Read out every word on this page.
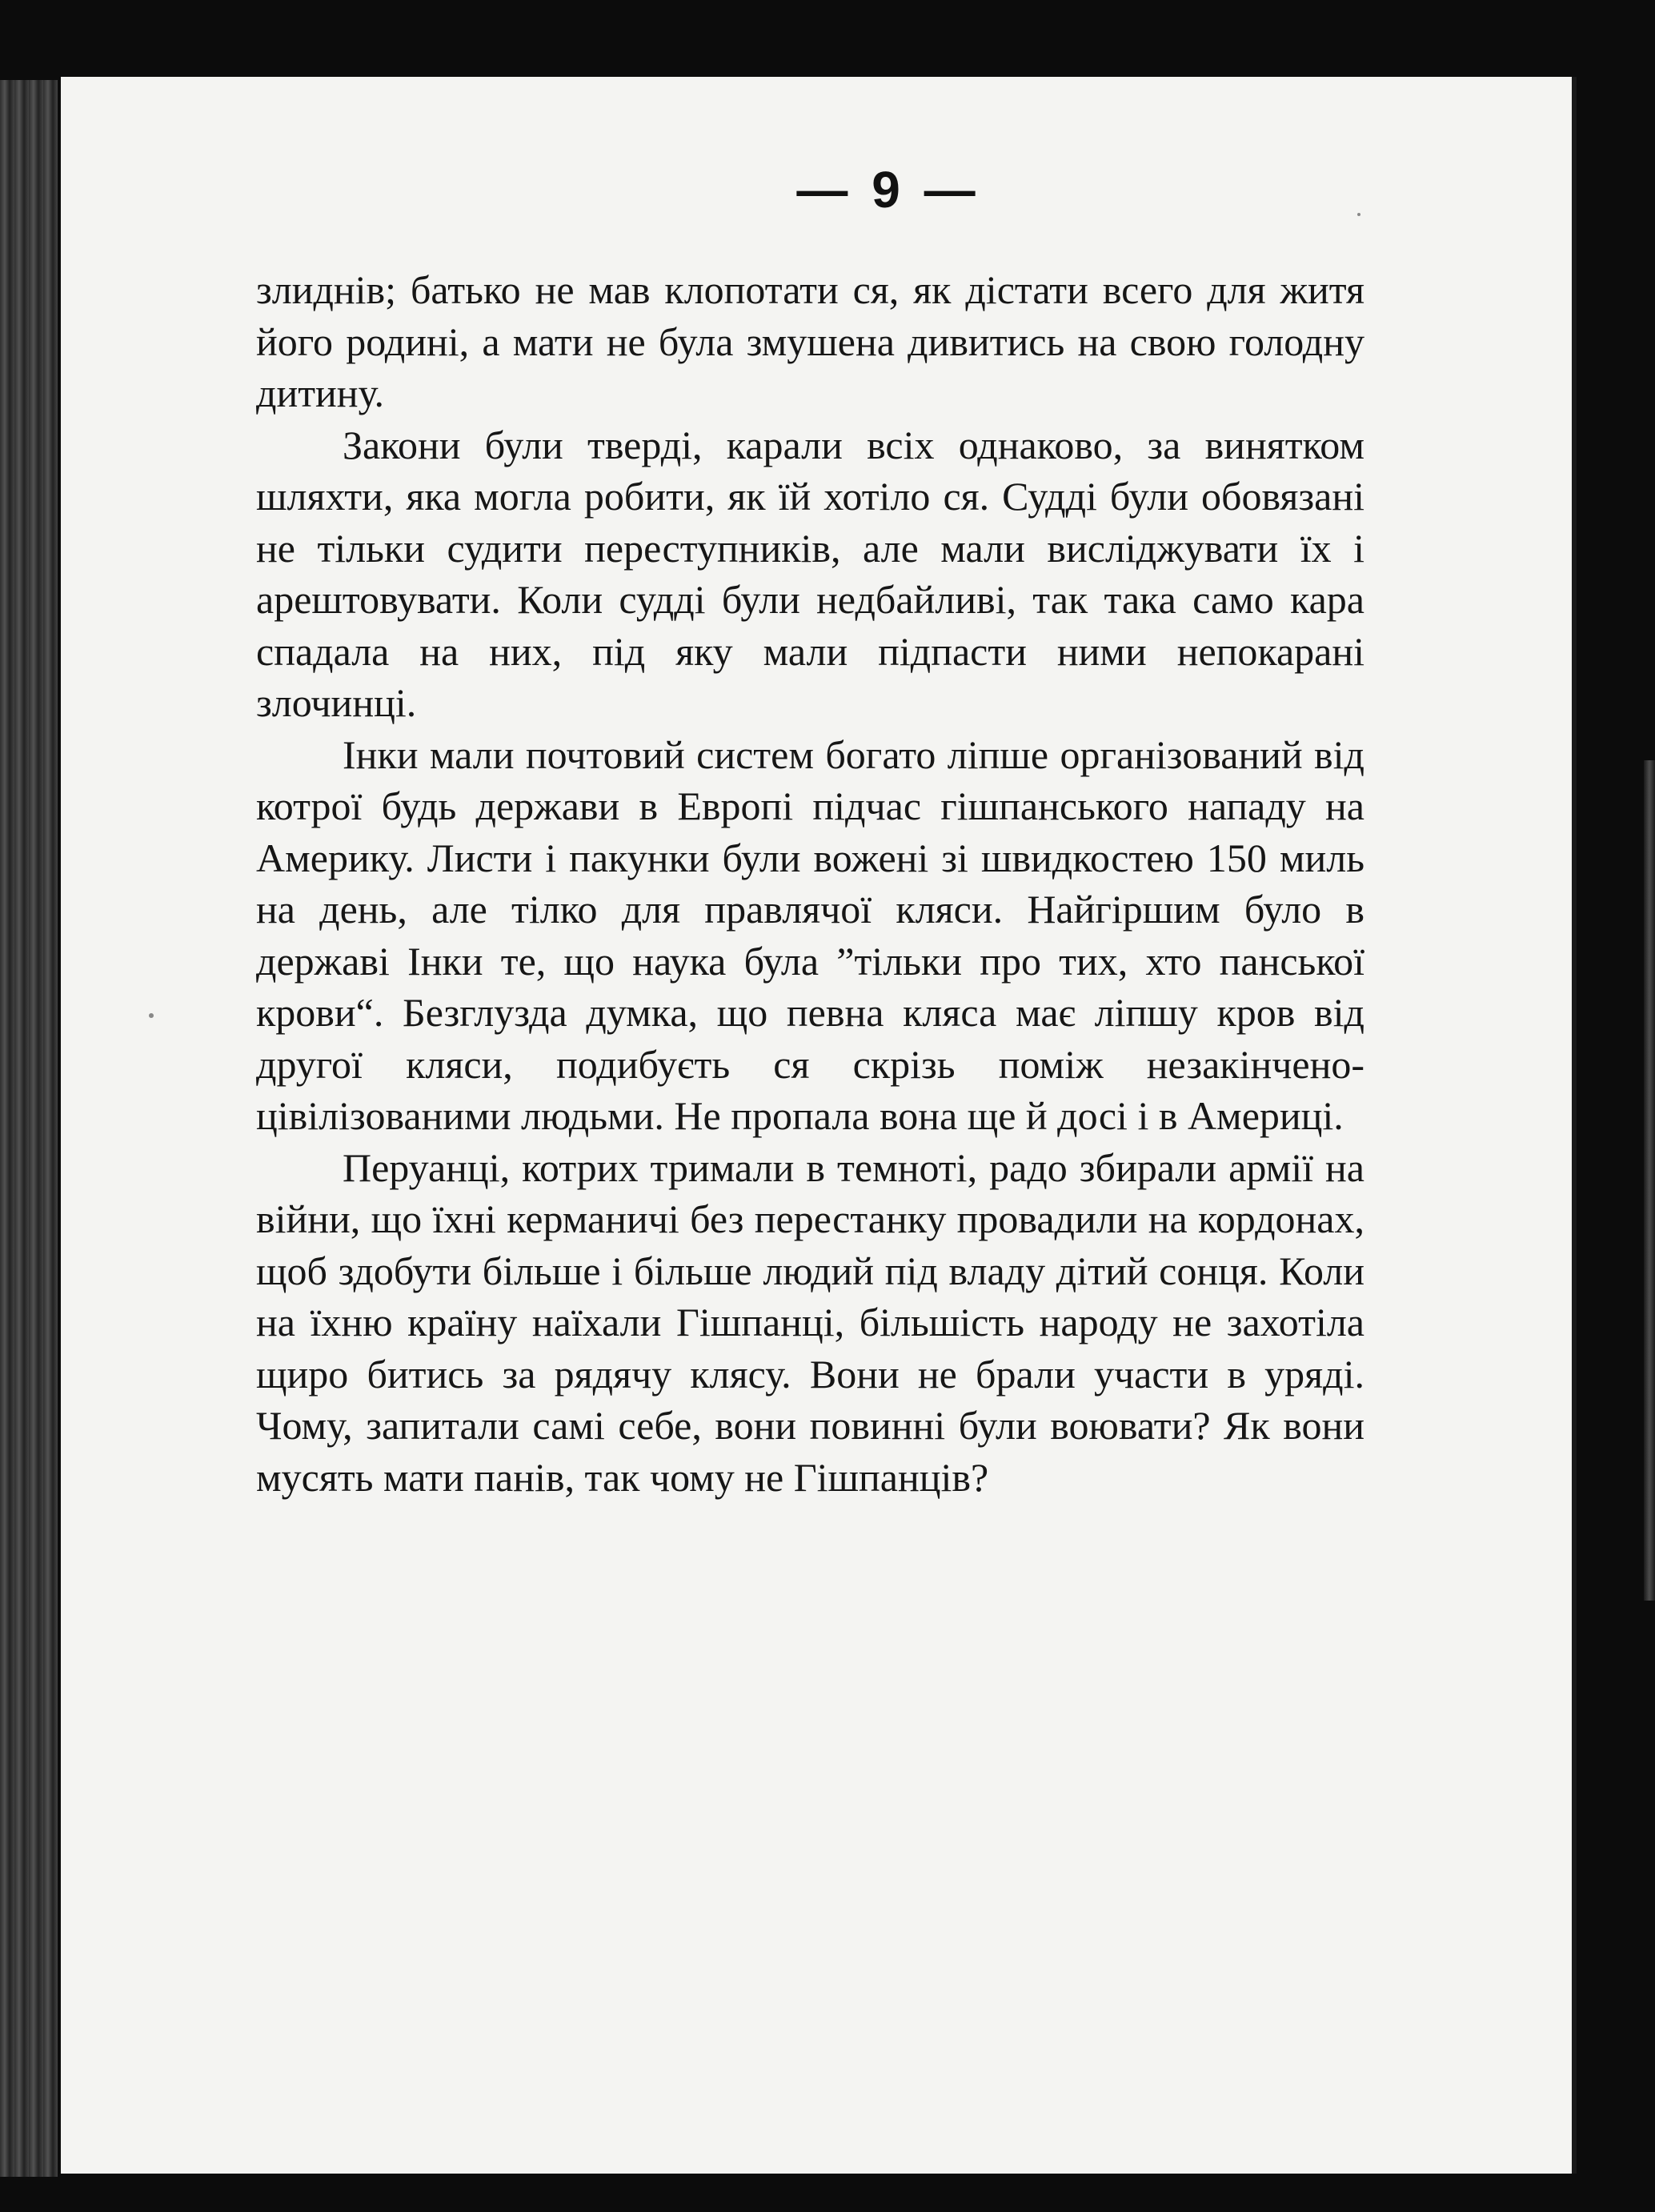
— 9 —

злиднів; батько не мав клопотати ся, як дістати всего для житя його родині, а мати не була змушена дивитись на свою голодну дитину.

Закони були тверді, карали всіх однаково, за винятком шляхти, яка могла робити, як їй хотіло ся. Судді були обовязані не тільки судити переступників, але мали висліджувати їх і арештовувати. Коли судді були недбайливі, так така само кара спадала на них, під яку мали підпасти ними непокарані злочинці.

Інки мали почтовий систем богато ліпше організований від котрої будь держави в Европі підчас гішпанського нападу на Америку. Листи і пакунки були вожені зі швидкостею 150 миль на день, але тілко для правлячої кляси. Найгіршим було в державі Інки те, що наука була ”тільки про тих, хто панської крови“. Безглузда думка, що певна кляса має ліпшу кров від другої кляси, подибуєть ся скрізь поміж незакінчено-цівілізованими людьми. Не пропала вона ще й досі і в Америці.

Перуанці, котрих тримали в темноті, радо збирали армії на війни, що їхні керманичі без перестанку провадили на кордонах, щоб здобути більше і більше людий під владу дітий сонця. Коли на їхню країну наїхали Гішпанці, більшість народу не захотіла щиро битись за рядячу клясу. Вони не брали участи в уряді. Чому, запитали самі себе, вони повинні були воювати? Як вони мусять мати панів, так чому не Гішпанців?
